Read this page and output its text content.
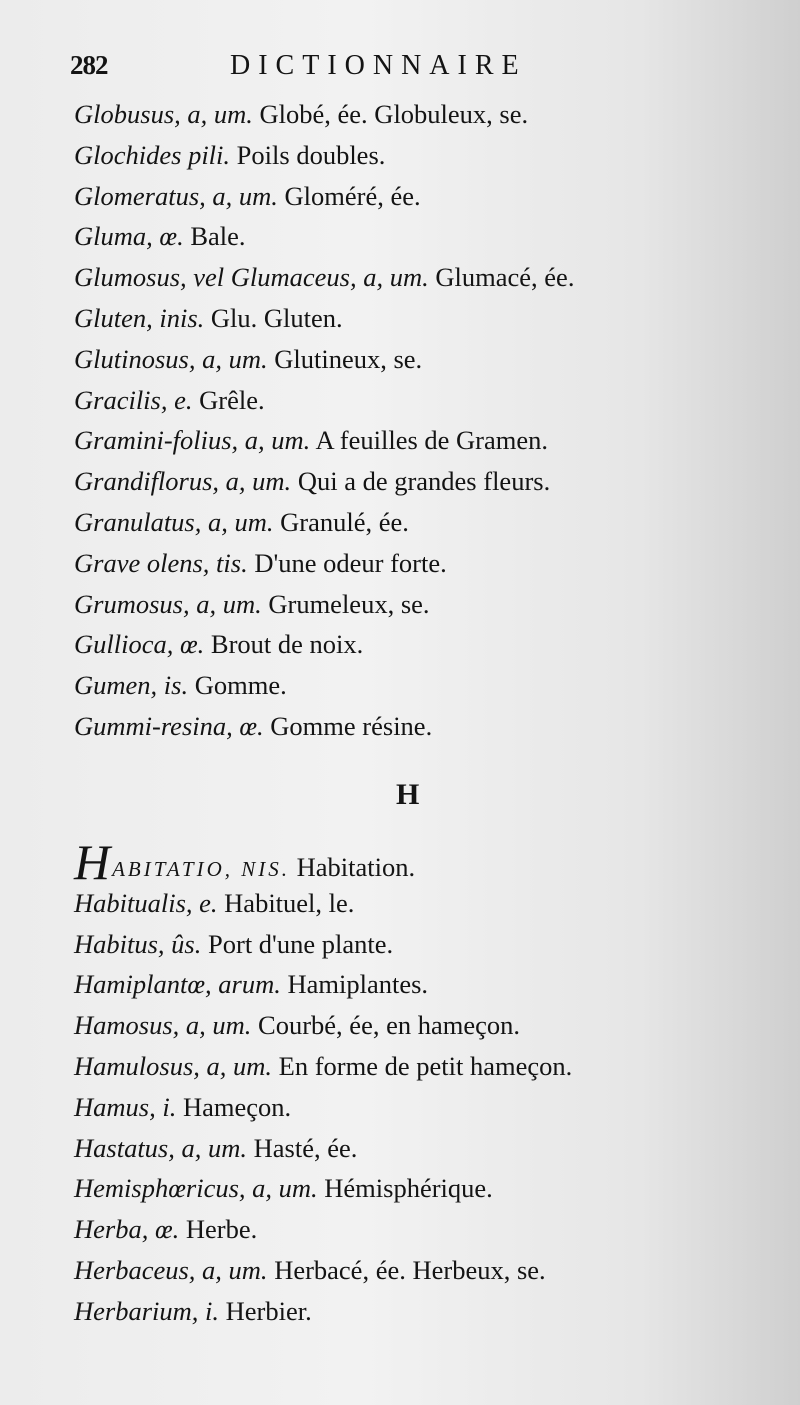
282	DICTIONNAIRE
Globusus, a, um. Globé, ée. Globuleux, se.
Glochides pili. Poils doubles.
Glomeratus, a, um. Gloméré, ée.
Gluma, œ. Bale.
Glumosus, vel Glumaceus, a, um. Glumacé, ée.
Gluten, inis. Glu. Gluten.
Glutinosus, a, um. Glutineux, se.
Gracilis, e. Grêle.
Gramini-folius, a, um. A feuilles de Gramen.
Grandiflorus, a, um. Qui a de grandes fleurs.
Granulatus, a, um. Granulé, ée.
Grave olens, tis. D'une odeur forte.
Grumosus, a, um. Grumeleux, se.
Gullioca, œ. Brout de noix.
Gumen, is. Gomme.
Gummi-resina, œ. Gomme résine.
H
HABITATIO, NIS. Habitation.
Habitualis, e. Habituel, le.
Habitus, ûs. Port d'une plante.
Hamiplantœ, arum. Hamiplantes.
Hamosus, a, um. Courbé, ée, en hameçon.
Hamulosus, a, um. En forme de petit hameçon.
Hamus, i. Hameçon.
Hastatus, a, um. Hasté, ée.
Hemisphœricus, a, um. Hémisphérique.
Herba, œ. Herbe.
Herbaceus, a, um. Herbacé, ée. Herbeux, se.
Herbarium, i. Herbier.
